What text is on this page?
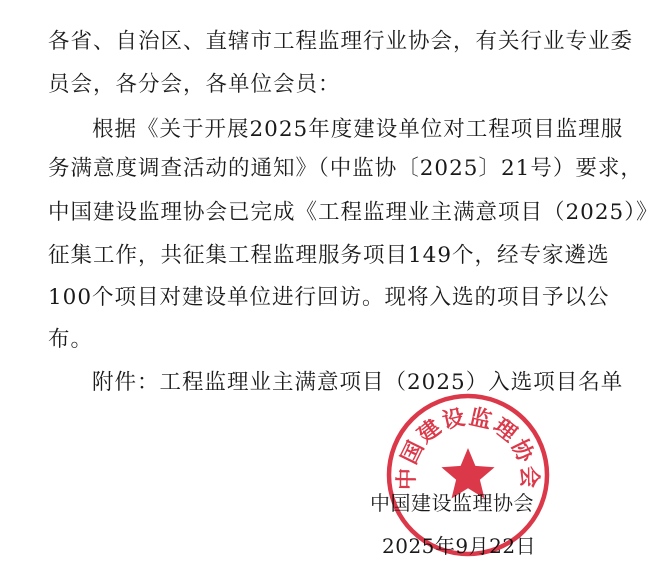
各省、自治区、直辖市工程监理行业协会，有关行业专业委
员会，各分会，各单位会员：
根据《关于开展2025年度建设单位对工程项目监理服
务满意度调查活动的通知》（中监协〔2025〕21号）要求，
中国建设监理协会已完成《工程监理业主满意项目（2025）》
征集工作，共征集工程监理服务项目149个，经专家遴选
100个项目对建设单位进行回访。现将入选的项目予以公
布。
附件：工程监理业主满意项目（2025）入选项目名单
中国建设监理协会
2025年9月22日
中国建设监理协会
